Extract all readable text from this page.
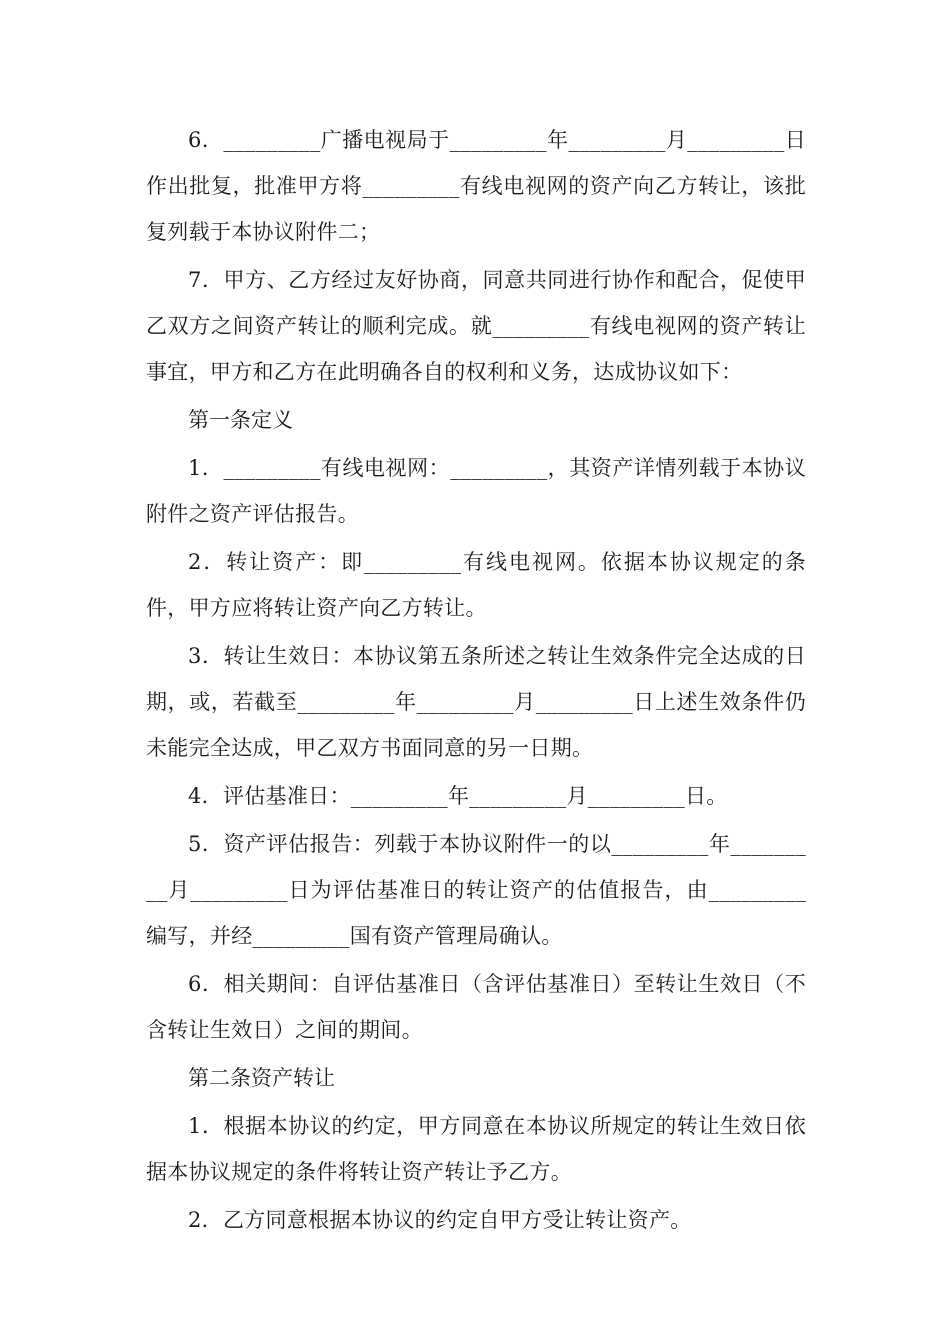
6．_________广播电视局于_________年_________月_________日作出批复，批准甲方将_________有线电视网的资产向乙方转让，该批复列载于本协议附件二；

7．甲方、乙方经过友好协商，同意共同进行协作和配合，促使甲乙双方之间资产转让的顺利完成。就_________有线电视网的资产转让事宜，甲方和乙方在此明确各自的权利和义务，达成协议如下：

第一条定义

1．_________有线电视网：_________，其资产详情列载于本协议附件之资产评估报告。

2．转让资产：即_________有线电视网。依据本协议规定的条件，甲方应将转让资产向乙方转让。

3．转让生效日：本协议第五条所述之转让生效条件完全达成的日期，或，若截至_________年_________月_________日上述生效条件仍未能完全达成，甲乙双方书面同意的另一日期。

4．评估基准日：_________年_________月_________日。

5．资产评估报告：列载于本协议附件一的以_________年_________月_________日为评估基准日的转让资产的估值报告，由_________编写，并经_________国有资产管理局确认。

6．相关期间：自评估基准日（含评估基准日）至转让生效日（不含转让生效日）之间的期间。

第二条资产转让

1．根据本协议的约定，甲方同意在本协议所规定的转让生效日依据本协议规定的条件将转让资产转让予乙方。

2．乙方同意根据本协议的约定自甲方受让转让资产。
